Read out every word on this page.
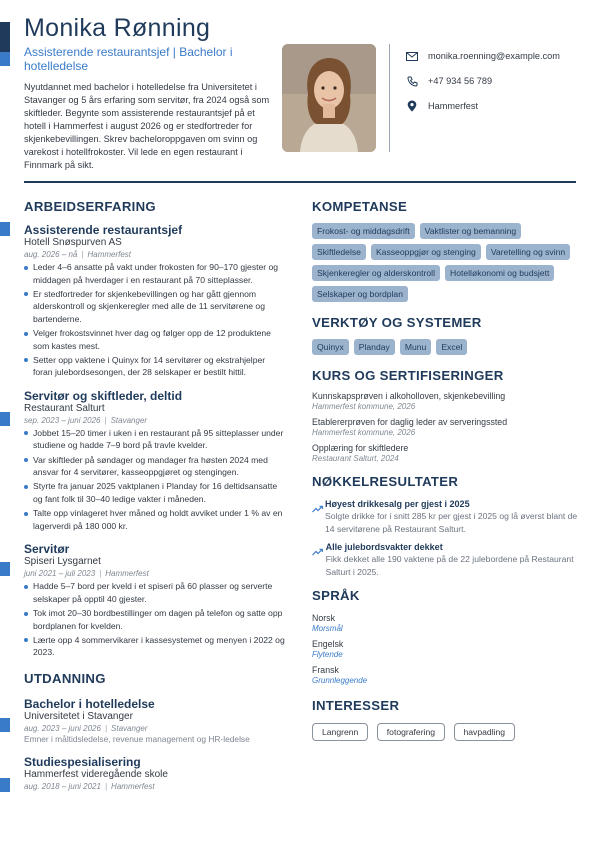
Monika Rønning
Assisterende restaurantsjef | Bachelor i hotelledelse
Nyutdannet med bachelor i hotelledelse fra Universitetet i Stavanger og 5 års erfaring som servitør, fra 2024 også som skiftleder. Begynte som assisterende restaurantsjef på et hotell i Hammerfest i august 2026 og er stedfortreder for skjenkebevillingen. Skrev bacheloroppgaven om svinn og varekost i hotellfrokoster. Vil lede en egen restaurant i Finnmark på sikt.
monika.roenning@example.com
+47 934 56 789
Hammerfest
ARBEIDSERFARING
Assisterende restaurantsjef
Hotell Snøspurven AS
aug. 2026 – nå | Hammerfest
Leder 4–6 ansatte på vakt under frokosten for 90–170 gjester og middagen på hverdager i en restaurant på 70 sitteplasser.
Er stedfortreder for skjenkebevillingen og har gått gjennom alderskontroll og skjenkeregler med alle de 11 servitørene og bartenderne.
Velger frokostsvinnet hver dag og følger opp de 12 produktene som kastes mest.
Setter opp vaktene i Quinyx for 14 servitører og ekstrahjelper foran julebordsesongen, der 28 selskaper er bestilt hittil.
Servitør og skiftleder, deltid
Restaurant Salturt
sep. 2023 – juni 2026 | Stavanger
Jobbet 15–20 timer i uken i en restaurant på 95 sitteplasser under studiene og hadde 7–9 bord på travle kvelder.
Var skiftleder på søndager og mandager fra høsten 2024 med ansvar for 4 servitører, kasseoppgjøret og stengingen.
Styrte fra januar 2025 vaktplanen i Planday for 16 deltidsansatte og fant folk til 30–40 ledige vakter i måneden.
Talte opp vinlageret hver måned og holdt avviket under 1 % av en lagerverdi på 180 000 kr.
Servitør
Spiseri Lysgarnet
juni 2021 – juli 2023 | Hammerfest
Hadde 5–7 bord per kveld i et spiseri på 60 plasser og serverte selskaper på opptil 40 gjester.
Tok imot 20–30 bordbestillinger om dagen på telefon og satte opp bordplanen for kvelden.
Lærte opp 4 sommervikarer i kassesystemet og menyen i 2022 og 2023.
UTDANNING
Bachelor i hotelledelse
Universitetet i Stavanger
aug. 2023 – juni 2026 | Stavanger
Emner i måltidsledelse, revenue management og HR-ledelse
Studiespesialisering
Hammerfest videregående skole
aug. 2018 – juni 2021 | Hammerfest
KOMPETANSE
Frokost- og middagsdrift	Vaktlister og bemanning
Skiftledelse	Kasseoppgjør og stenging	Varetelling og svinn
Skjenkeregler og alderskontroll	Hotelløkonomi og budsjett
Selskaper og bordplan
VERKTØY OG SYSTEMER
Quinyx	Planday	Munu	Excel
KURS OG SERTIFISERINGER
Kunnskapsprøven i alkoholloven, skjenkebevilling
Hammerfest kommune, 2026
Etablererprøven for daglig leder av serveringssted
Hammerfest kommune, 2026
Opplæring for skiftledere
Restaurant Salturt, 2024
NØKKELRESULTATER
Høyest drikkesalg per gjest i 2025
Solgte drikke for i snitt 285 kr per gjest i 2025 og lå øverst blant de 14 servitørene på Restaurant Salturt.
Alle julebordsvakter dekket
Fikk dekket alle 190 vaktene på de 22 julebordene på Restaurant Salturt i 2025.
SPRÅK
Norsk
Morsmål
Engelsk
Flytende
Fransk
Grunnleggende
INTERESSER
Langrenn	fotografering	havpadling
